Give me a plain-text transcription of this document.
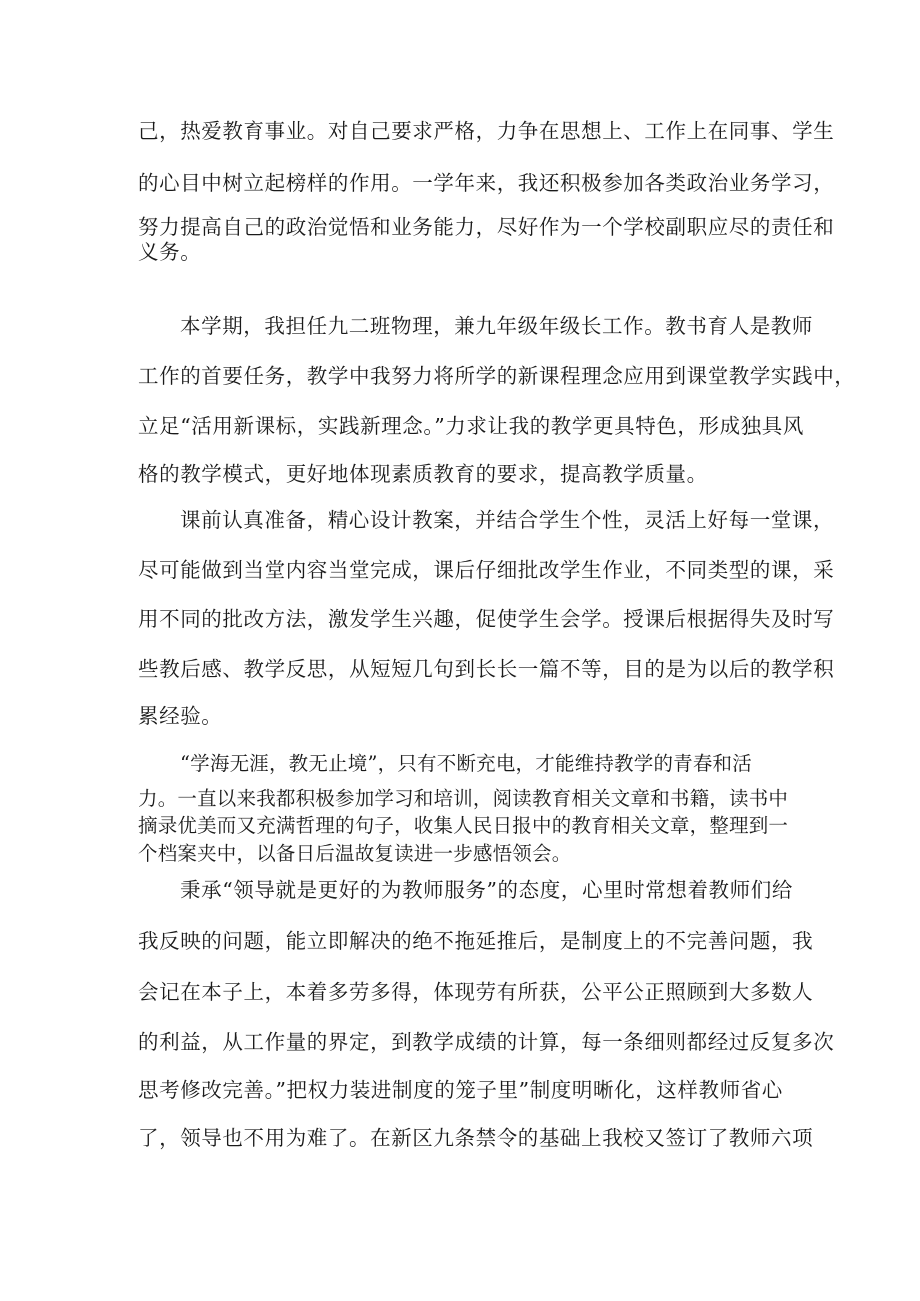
己，热爱教育事业。对自己要求严格，力争在思想上、工作上在同事、学生

的心目中树立起榜样的作用。一学年来，我还积极参加各类政治业务学习，

努力提高自己的政治觉悟和业务能力，尽好作为一个学校副职应尽的责任和

义务。

本学期，我担任九二班物理，兼九年级年级长工作。教书育人是教师

工作的首要任务，教学中我努力将所学的新课程理念应用到课堂教学实践中，

立足“活用新课标，实践新理念。”力求让我的教学更具特色，形成独具风

格的教学模式，更好地体现素质教育的要求，提高教学质量。

课前认真准备，精心设计教案，并结合学生个性，灵活上好每一堂课，

尽可能做到当堂内容当堂完成，课后仔细批改学生作业，不同类型的课，采

用不同的批改方法，激发学生兴趣，促使学生会学。授课后根据得失及时写

些教后感、教学反思，从短短几句到长长一篇不等，目的是为以后的教学积

累经验。

“学海无涯，教无止境”，只有不断充电，才能维持教学的青春和活

力。一直以来我都积极参加学习和培训，阅读教育相关文章和书籍，读书中

摘录优美而又充满哲理的句子，收集人民日报中的教育相关文章，整理到一

个档案夹中，以备日后温故复读进一步感悟领会。

秉承“领导就是更好的为教师服务”的态度，心里时常想着教师们给

我反映的问题，能立即解决的绝不拖延推后，是制度上的不完善问题，我

会记在本子上，本着多劳多得，体现劳有所获，公平公正照顾到大多数人

的利益，从工作量的界定，到教学成绩的计算，每一条细则都经过反复多次

思考修改完善。”把权力装进制度的笼子里”制度明晰化，这样教师省心

了，领导也不用为难了。在新区九条禁令的基础上我校又签订了教师六项
